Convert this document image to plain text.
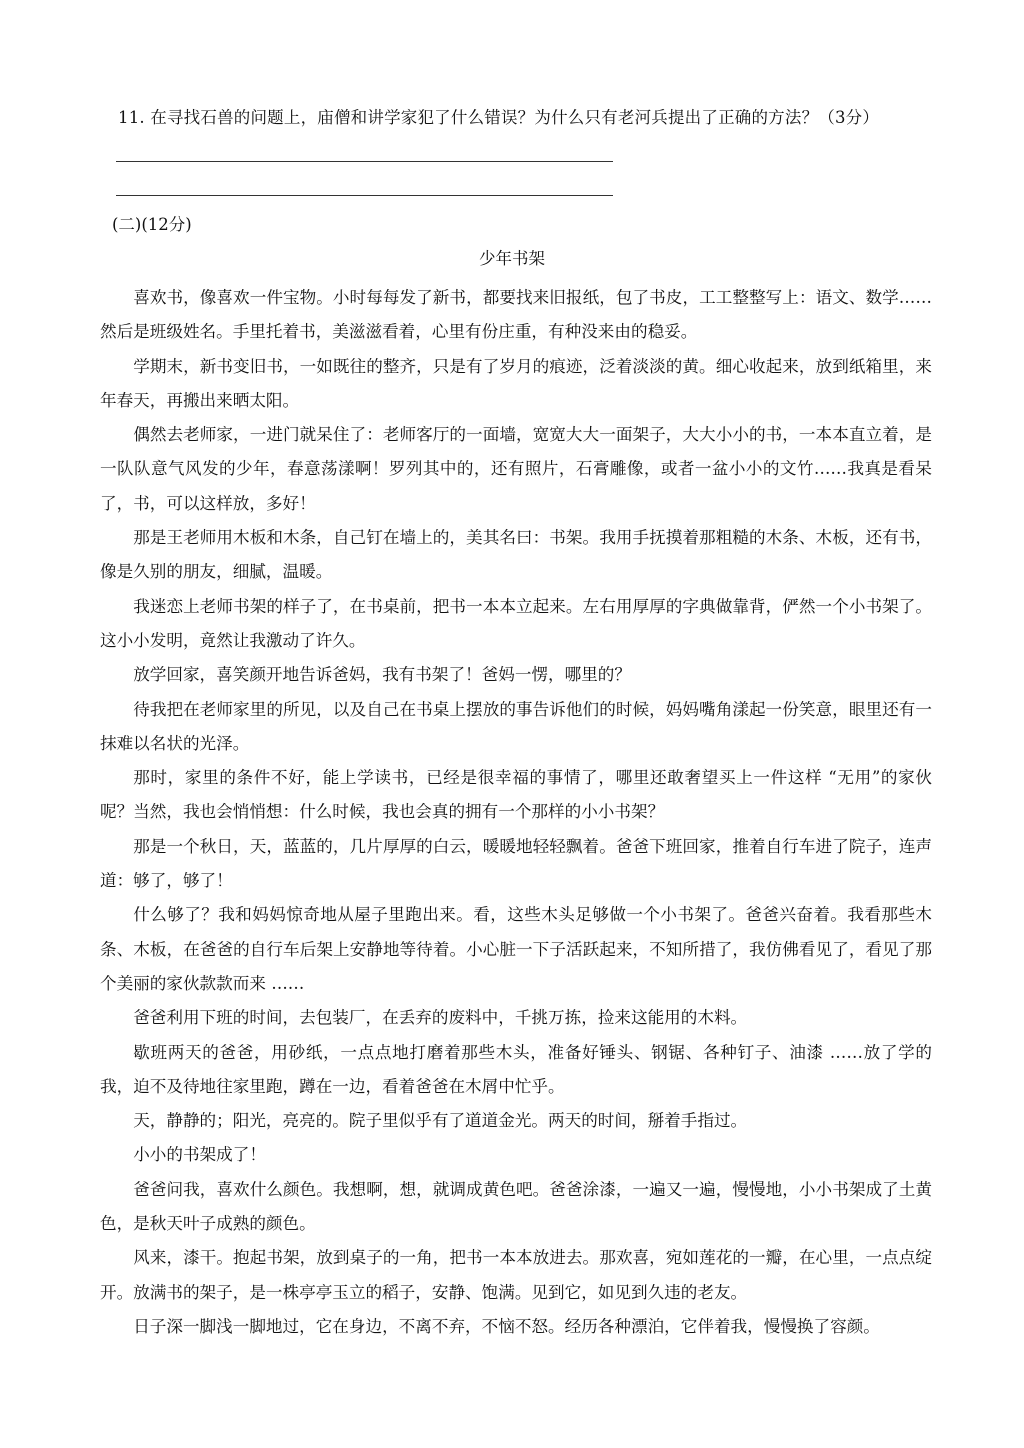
11. 在寻找石兽的问题上，庙僧和讲学家犯了什么错误？为什么只有老河兵提出了正确的方法？（3分）
(二)(12分)
少年书架

喜欢书，像喜欢一件宝物。小时每每发了新书，都要找来旧报纸，包了书皮，工工整整写上：语文、数学……然后是班级姓名。手里托着书，美滋滋看着，心里有份庄重，有种没来由的稳妥。

学期末，新书变旧书，一如既往的整齐，只是有了岁月的痕迹，泛着淡淡的黄。细心收起来，放到纸箱里，来年春天，再搬出来晒太阳。

偶然去老师家，一进门就呆住了：老师客厅的一面墙，宽宽大大一面架子，大大小小的书，一本本直立着，是一队队意气风发的少年，春意荡漾啊！罗列其中的，还有照片，石膏雕像，或者一盆小小的文竹……我真是看呆了，书，可以这样放，多好！

那是王老师用木板和木条，自己钉在墙上的，美其名曰：书架。我用手抚摸着那粗糙的木条、木板，还有书，像是久别的朋友，细腻，温暖。

我迷恋上老师书架的样子了，在书桌前，把书一本本立起来。左右用厚厚的字典做靠背，俨然一个小书架了。这小小发明，竟然让我激动了许久。

放学回家，喜笑颜开地告诉爸妈，我有书架了！爸妈一愣，哪里的？

待我把在老师家里的所见，以及自己在书桌上摆放的事告诉他们的时候，妈妈嘴角漾起一份笑意，眼里还有一抹难以名状的光泽。

那时，家里的条件不好，能上学读书，已经是很幸福的事情了，哪里还敢奢望买上一件这样 “无用”的家伙呢？当然，我也会悄悄想：什么时候，我也会真的拥有一个那样的小小书架？

那是一个秋日，天，蓝蓝的，几片厚厚的白云，暖暖地轻轻飘着。爸爸下班回家，推着自行车进了院子，连声道：够了，够了！

什么够了？我和妈妈惊奇地从屋子里跑出来。看，这些木头足够做一个小书架了。爸爸兴奋着。我看那些木条、木板，在爸爸的自行车后架上安静地等待着。小心脏一下子活跃起来，不知所措了，我仿佛看见了，看见了那个美丽的家伙款款而来 ……

爸爸利用下班的时间，去包装厂，在丢弃的废料中，千挑万拣，捡来这能用的木料。

歇班两天的爸爸，用砂纸，一点点地打磨着那些木头，准备好锤头、钢锯、各种钉子、油漆 ……放了学的我，迫不及待地往家里跑，蹲在一边，看着爸爸在木屑中忙乎。

天，静静的；阳光，亮亮的。院子里似乎有了道道金光。两天的时间，掰着手指过。

小小的书架成了！

爸爸问我，喜欢什么颜色。我想啊，想，就调成黄色吧。爸爸涂漆，一遍又一遍，慢慢地，小小书架成了土黄色，是秋天叶子成熟的颜色。

风来，漆干。抱起书架，放到桌子的一角，把书一本本放进去。那欢喜，宛如莲花的一瓣，在心里，一点点绽开。放满书的架子，是一株亭亭玉立的稻子，安静、饱满。见到它，如见到久违的老友。

日子深一脚浅一脚地过，它在身边，不离不弃，不恼不怒。经历各种漂泊，它伴着我，慢慢换了容颜。
